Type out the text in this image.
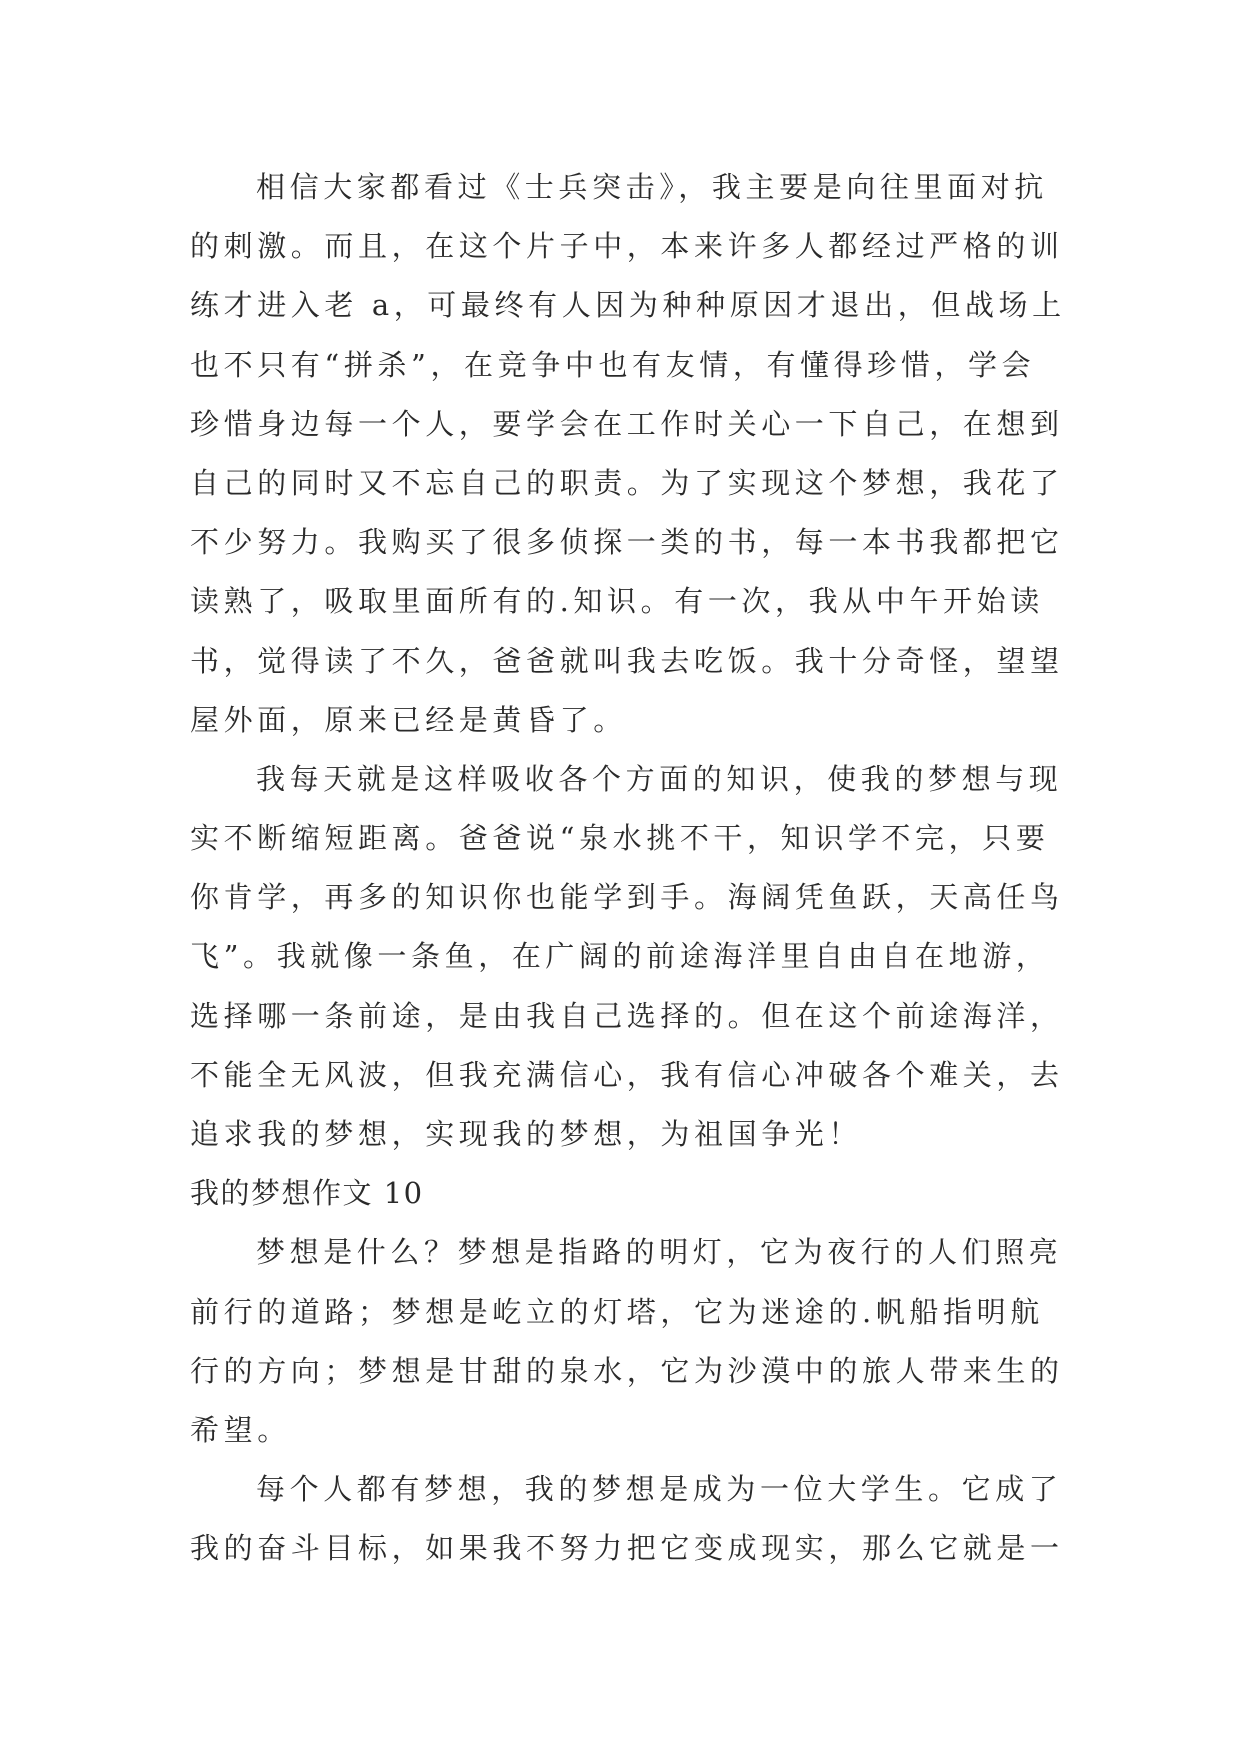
相信大家都看过《士兵突击》，我主要是向往里面对抗
的刺激。而且，在这个片子中，本来许多人都经过严格的训
练才进入老 a，可最终有人因为种种原因才退出，但战场上
也不只有“拼杀”，在竞争中也有友情，有懂得珍惜，学会
珍惜身边每一个人，要学会在工作时关心一下自己，在想到
自己的同时又不忘自己的职责。为了实现这个梦想，我花了
不少努力。我购买了很多侦探一类的书，每一本书我都把它
读熟了，吸取里面所有的.知识。有一次，我从中午开始读
书，觉得读了不久，爸爸就叫我去吃饭。我十分奇怪，望望
屋外面，原来已经是黄昏了。
我每天就是这样吸收各个方面的知识，使我的梦想与现
实不断缩短距离。爸爸说“泉水挑不干，知识学不完，只要
你肯学，再多的知识你也能学到手。海阔凭鱼跃，天高任鸟
飞”。我就像一条鱼，在广阔的前途海洋里自由自在地游，
选择哪一条前途，是由我自己选择的。但在这个前途海洋，
不能全无风波，但我充满信心，我有信心冲破各个难关，去
追求我的梦想，实现我的梦想，为祖国争光！
我的梦想作文 10
梦想是什么？梦想是指路的明灯，它为夜行的人们照亮
前行的道路；梦想是屹立的灯塔，它为迷途的.帆船指明航
行的方向；梦想是甘甜的泉水，它为沙漠中的旅人带来生的
希望。
每个人都有梦想，我的梦想是成为一位大学生。它成了
我的奋斗目标，如果我不努力把它变成现实，那么它就是一
